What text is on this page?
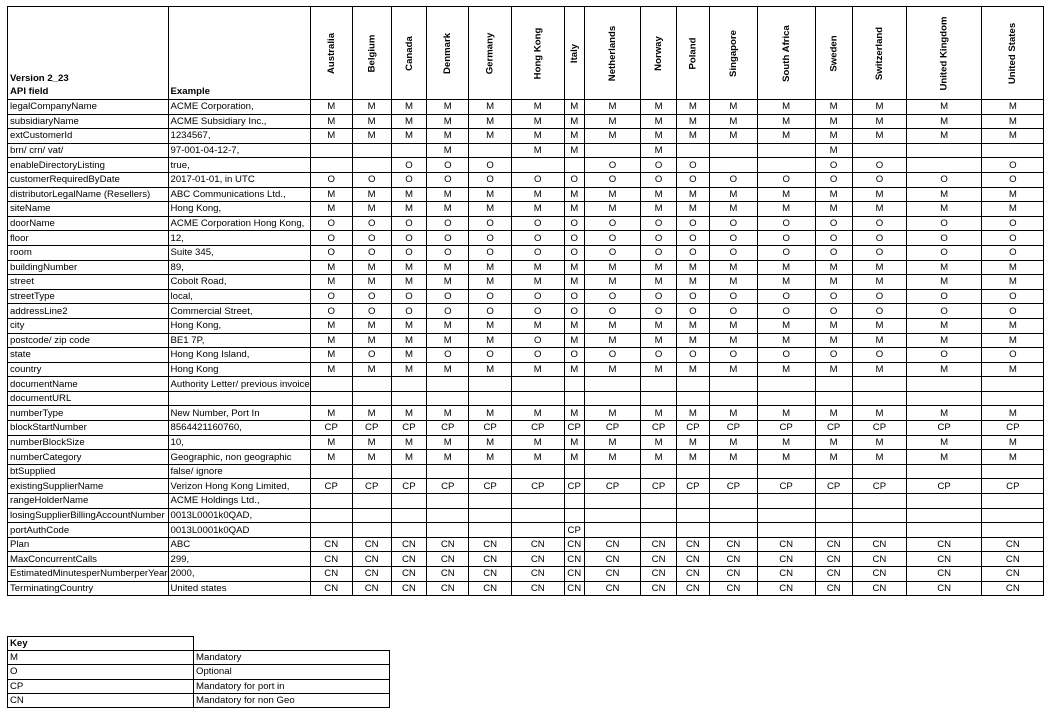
Version 2_23
API field	Example	Australia	Belgium	Canada	Denmark	Germany	Hong Kong	Italy	Netherlands	Norway	Poland	Singapore	South Africa	Sweden	Switzerland	United Kingdom	United States
legalCompanyName	ACME Corporation,	M	M	M	M	M	M	M	M	M	M	M	M	M	M	M	M
subsidiaryName	ACME Subsidiary Inc.,	M	M	M	M	M	M	M	M	M	M	M	M	M	M	M	M
extCustomerId	1234567,	M	M	M	M	M	M	M	M	M	M	M	M	M	M	M	M
brn/ crn/ vat/	97-001-04-12-7,				M		M	M		M				M			
enableDirectoryListing	true,			O	O	O			O	O	O			O	O		O
customerRequiredByDate	2017-01-01, in UTC	O	O	O	O	O	O	O	O	O	O	O	O	O	O	O	O
distributorLegalName (Resellers)	ABC Communications Ltd.,	M	M	M	M	M	M	M	M	M	M	M	M	M	M	M	M
siteName	Hong Kong,	M	M	M	M	M	M	M	M	M	M	M	M	M	M	M	M
doorName	ACME Corporation Hong Kong,	O	O	O	O	O	O	O	O	O	O	O	O	O	O	O	O
floor	12,	O	O	O	O	O	O	O	O	O	O	O	O	O	O	O	O
room	Suite 345,	O	O	O	O	O	O	O	O	O	O	O	O	O	O	O	O
buildingNumber	89,	M	M	M	M	M	M	M	M	M	M	M	M	M	M	M	M
street	Cobolt Road,	M	M	M	M	M	M	M	M	M	M	M	M	M	M	M	M
streetType	local,	O	O	O	O	O	O	O	O	O	O	O	O	O	O	O	O
addressLine2	Commercial Street,	O	O	O	O	O	O	O	O	O	O	O	O	O	O	O	O
city	Hong Kong,	M	M	M	M	M	M	M	M	M	M	M	M	M	M	M	M
postcode/ zip code	BE1 7P,	M	M	M	M	M	O	M	M	M	M	M	M	M	M	M	M
state	Hong Kong Island,	M	O	M	O	O	O	O	O	O	O	O	O	O	O	O	O
country	Hong Kong	M	M	M	M	M	M	M	M	M	M	M	M	M	M	M	M
documentName	Authority Letter/ previous invoice																
documentURL																	
numberType	New Number, Port In	M	M	M	M	M	M	M	M	M	M	M	M	M	M	M	M
blockStartNumber	8564421160760,	CP	CP	CP	CP	CP	CP	CP	CP	CP	CP	CP	CP	CP	CP	CP	CP
numberBlockSize	10,	M	M	M	M	M	M	M	M	M	M	M	M	M	M	M	M
numberCategory	Geographic, non geographic	M	M	M	M	M	M	M	M	M	M	M	M	M	M	M	M
btSupplied	false/ ignore																
existingSupplierName	Verizon Hong Kong Limited,	CP	CP	CP	CP	CP	CP	CP	CP	CP	CP	CP	CP	CP	CP	CP	CP
rangeHolderName	ACME Holdings Ltd.,																
losingSupplierBillingAccountNumber	0013L0001k0QAD,																
portAuthCode	0013L0001k0QAD							CP									
Plan	ABC	CN	CN	CN	CN	CN	CN	CN	CN	CN	CN	CN	CN	CN	CN	CN	CN
MaxConcurrentCalls	299,	CN	CN	CN	CN	CN	CN	CN	CN	CN	CN	CN	CN	CN	CN	CN	CN
EstimatedMinutesperNumberperYear	2000,	CN	CN	CN	CN	CN	CN	CN	CN	CN	CN	CN	CN	CN	CN	CN	CN
TerminatingCountry	United states	CN	CN	CN	CN	CN	CN	CN	CN	CN	CN	CN	CN	CN	CN	CN	CN
Key	
M	Mandatory
O	Optional
CP	Mandatory for port in
CN	Mandatory for non Geo
